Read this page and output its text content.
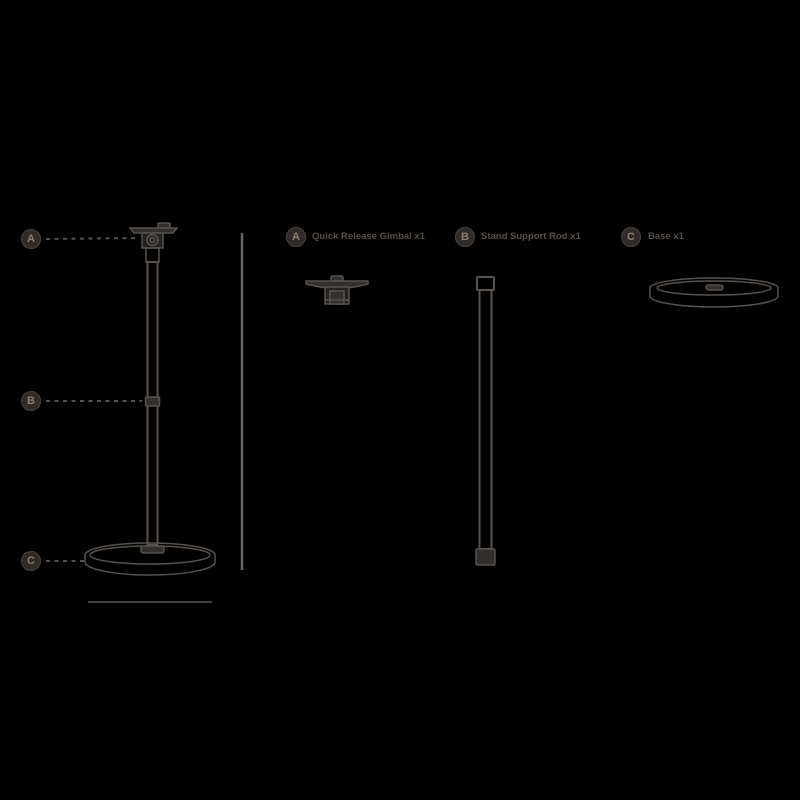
A
B
C
A	Quick Release Gimbal x1	B	Stand Support Rod x1	C	Base x1
